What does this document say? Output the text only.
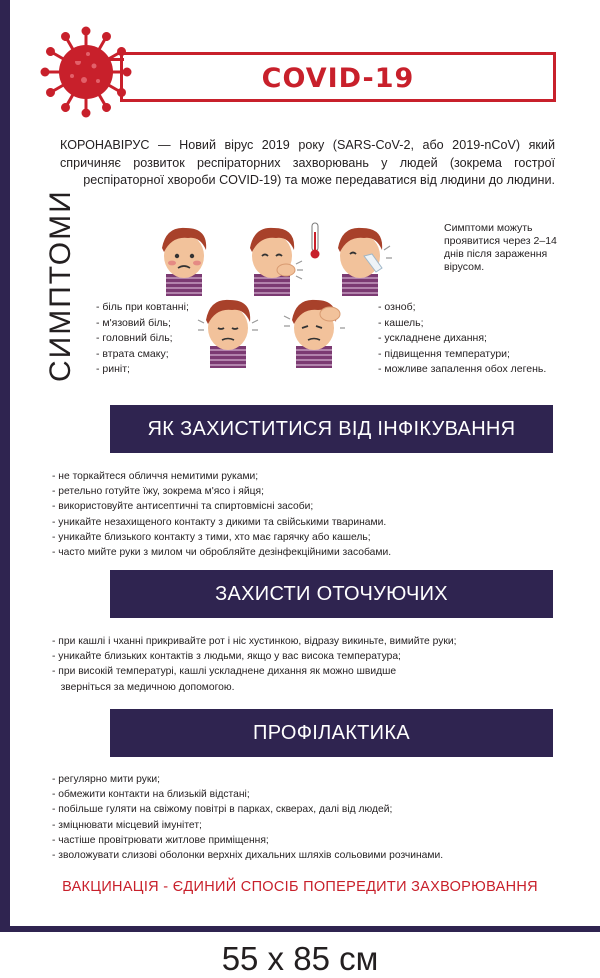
COVID-19
КОРОНАВІРУС — Новий вірус 2019 року (SARS-CoV-2, або 2019-nCoV) який спричиняє розвиток респіраторних захворювань у людей (зокрема гострої респіраторної хвороби COVID-19) та може передаватися від людини до людини.
СИМПТОМИ	Симптоми можуть проявитися через 2–14 днів після зараження вірусом.
- біль при ковтанні;
- м'язовий біль;
- головний біль;
- втрата смаку;
- риніт;
- озноб;
- кашель;
- ускладнене дихання;
- підвищення температури;
- можливе запалення обох легень.
ЯК ЗАХИСТИТИСЯ ВІД ІНФІКУВАННЯ
- не торкайтеся обличчя немитими руками;
- ретельно готуйте їжу, зокрема м'ясо і яйця;
- використовуйте антисептичні та спиртовмісні засоби;
- уникайте незахищеного контакту з дикими та свійськими тваринами.
- уникайте близького контакту з тими, хто має гарячку або кашель;
- часто мийте руки з милом чи обробляйте дезінфекційними засобами.
ЗАХИСТИ ОТОЧУЮЧИХ
- при кашлі і чханні прикривайте рот і ніс хустинкою, відразу викиньте, вимийте руки;
- уникайте близьких контактів з людьми, якщо у вас висока температура;
- при високій температурі, кашлі ускладнене дихання як можно швидше
зверніться за медичною допомогою.
ПРОФІЛАКТИКА
- регулярно мити руки;
- обмежити контакти на близькій відстані;
- побільше гуляти на свіжому повітрі в парках, скверах, далі від людей;
- зміцнювати місцевий імунітет;
- частіше провітрювати житлове приміщення;
- зволожувати слизові оболонки верхніх дихальних шляхів сольовими розчинами.
ВАКЦИНАЦІЯ - ЄДИНИЙ СПОСІБ ПОПЕРЕДИТИ ЗАХВОРЮВАННЯ
55 х 85 см
